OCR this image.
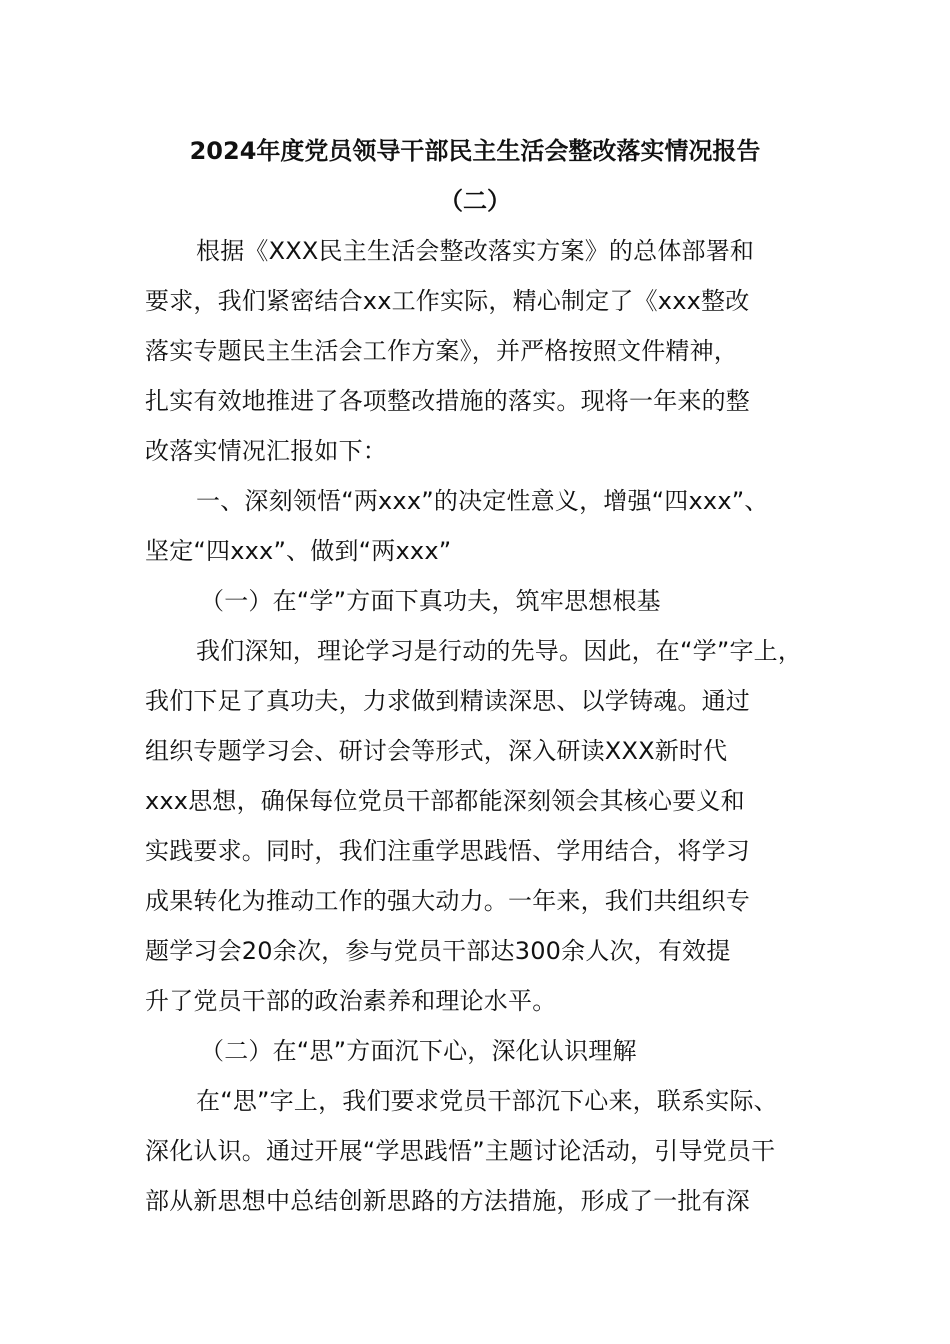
2024年度党员领导干部民主生活会整改落实情况报告
（二）
根据《XXX民主生活会整改落实方案》的总体部署和
要求，我们紧密结合xx工作实际，精心制定了《xxx整改
落实专题民主生活会工作方案》，并严格按照文件精神，
扎实有效地推进了各项整改措施的落实。现将一年来的整
改落实情况汇报如下：
一、深刻领悟“两xxx”的决定性意义，增强“四xxx”、
坚定“四xxx”、做到“两xxx”
（一）在“学”方面下真功夫，筑牢思想根基
我们深知，理论学习是行动的先导。因此，在“学”字上，
我们下足了真功夫，力求做到精读深思、以学铸魂。通过
组织专题学习会、研讨会等形式，深入研读XXX新时代
xxx思想，确保每位党员干部都能深刻领会其核心要义和
实践要求。同时，我们注重学思践悟、学用结合，将学习
成果转化为推动工作的强大动力。一年来，我们共组织专
题学习会20余次，参与党员干部达300余人次，有效提
升了党员干部的政治素养和理论水平。
（二）在“思”方面沉下心，深化认识理解
在“思”字上，我们要求党员干部沉下心来，联系实际、
深化认识。通过开展“学思践悟”主题讨论活动，引导党员干
部从新思想中总结创新思路的方法措施，形成了一批有深
